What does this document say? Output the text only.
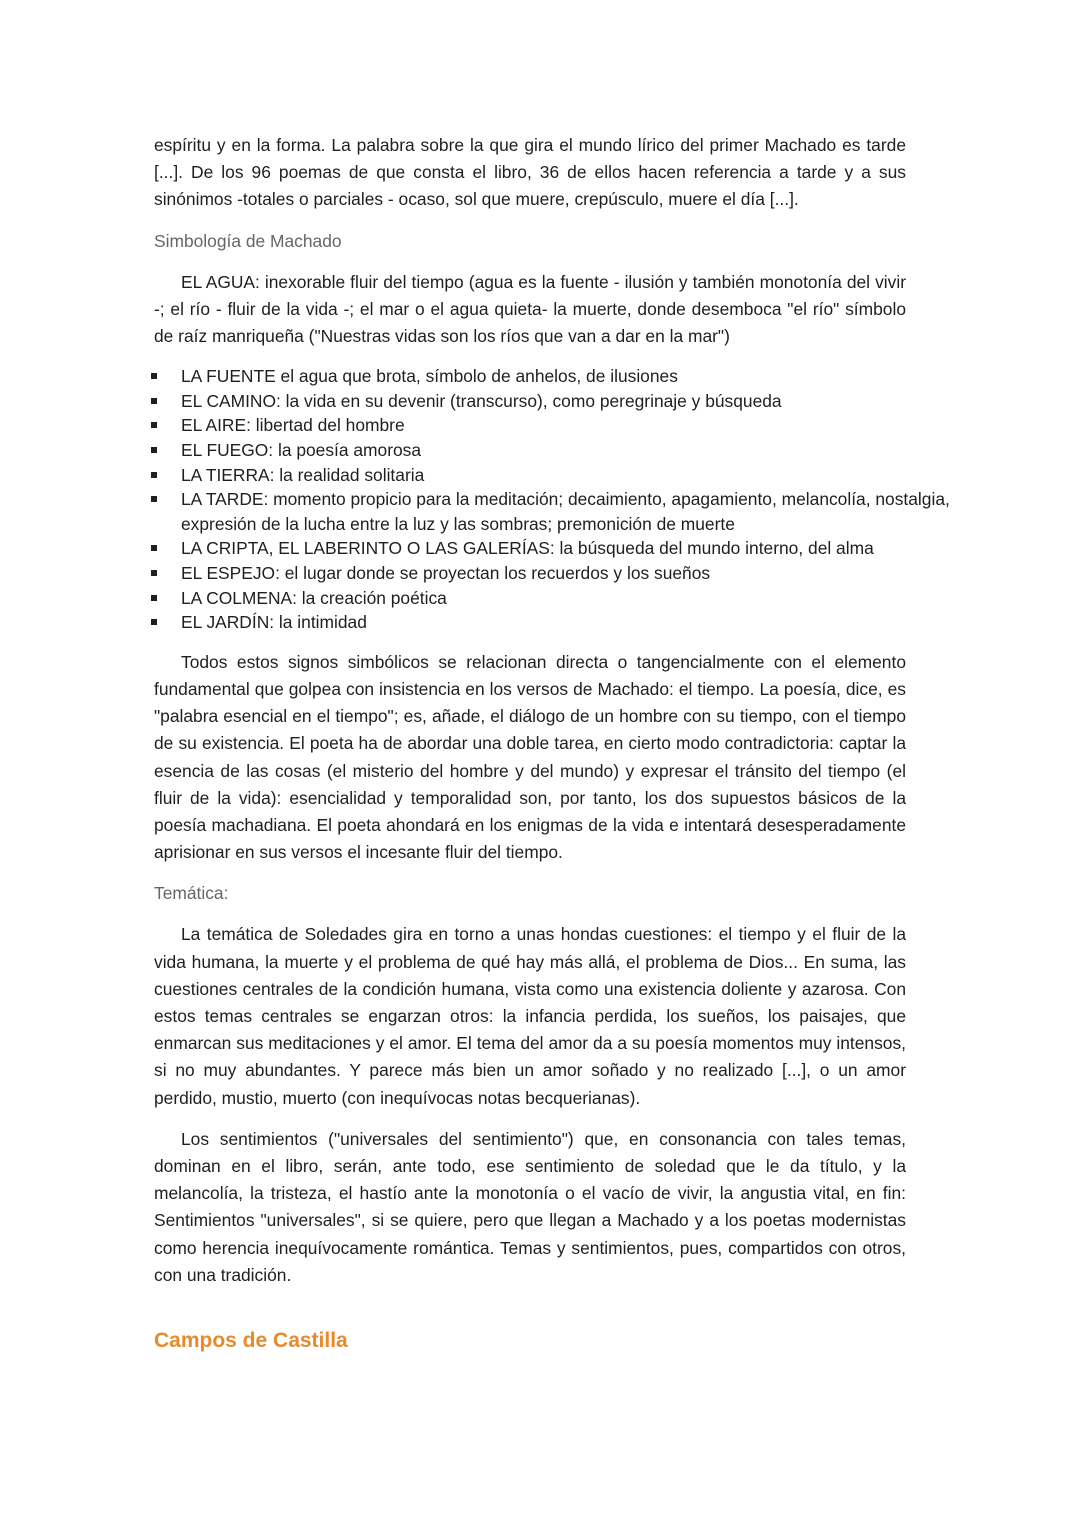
espíritu y en la forma. La palabra sobre la que gira el mundo lírico del primer Machado es tarde [...]. De los 96 poemas de que consta el libro, 36 de ellos hacen referencia a tarde y a sus sinónimos -totales o parciales - ocaso, sol que muere, crepúsculo, muere el día [...].

Simbología de Machado

EL AGUA: inexorable fluir del tiempo (agua es la fuente - ilusión y también monotonía del vivir -; el río - fluir de la vida -; el mar o el agua quieta- la muerte, donde desemboca "el río" símbolo de raíz manriqueña ("Nuestras vidas son los ríos que van a dar en la mar")

LA FUENTE el agua que brota, símbolo de anhelos, de ilusiones
EL CAMINO: la vida en su devenir (transcurso), como peregrinaje y búsqueda
EL AIRE: libertad del hombre
EL FUEGO: la poesía amorosa
LA TIERRA: la realidad solitaria
LA TARDE: momento propicio para la meditación; decaimiento, apagamiento, melancolía, nostalgia, expresión de la lucha entre la luz y las sombras; premonición de muerte
LA CRIPTA, EL LABERINTO O LAS GALERÍAS: la búsqueda del mundo interno, del alma
EL ESPEJO: el lugar donde se proyectan los recuerdos y los sueños
LA COLMENA: la creación poética
EL JARDÍN: la intimidad

Todos estos signos simbólicos se relacionan directa o tangencialmente con el elemento fundamental que golpea con insistencia en los versos de Machado: el tiempo. La poesía, dice, es "palabra esencial en el tiempo"; es, añade, el diálogo de un hombre con su tiempo, con el tiempo de su existencia. El poeta ha de abordar una doble tarea, en cierto modo contradictoria: captar la esencia de las cosas (el misterio del hombre y del mundo) y expresar el tránsito del tiempo (el fluir de la vida): esencialidad y temporalidad son, por tanto, los dos supuestos básicos de la poesía machadiana. El poeta ahondará en los enigmas de la vida e intentará desesperadamente aprisionar en sus versos el incesante fluir del tiempo.

Temática:

La temática de Soledades gira en torno a unas hondas cuestiones: el tiempo y el fluir de la vida humana, la muerte y el problema de qué hay más allá, el problema de Dios... En suma, las cuestiones centrales de la condición humana, vista como una existencia doliente y azarosa. Con estos temas centrales se engarzan otros: la infancia perdida, los sueños, los paisajes, que enmarcan sus meditaciones y el amor. El tema del amor da a su poesía momentos muy intensos, si no muy abundantes. Y parece más bien un amor soñado y no realizado [...], o un amor perdido, mustio, muerto (con inequívocas notas becquerianas).

Los sentimientos ("universales del sentimiento") que, en consonancia con tales temas, dominan en el libro, serán, ante todo, ese sentimiento de soledad que le da título, y la melancolía, la tristeza, el hastío ante la monotonía o el vacío de vivir, la angustia vital, en fin: Sentimientos "universales", si se quiere, pero que llegan a Machado y a los poetas modernistas como herencia inequívocamente romántica. Temas y sentimientos, pues, compartidos con otros, con una tradición.

Campos de Castilla
